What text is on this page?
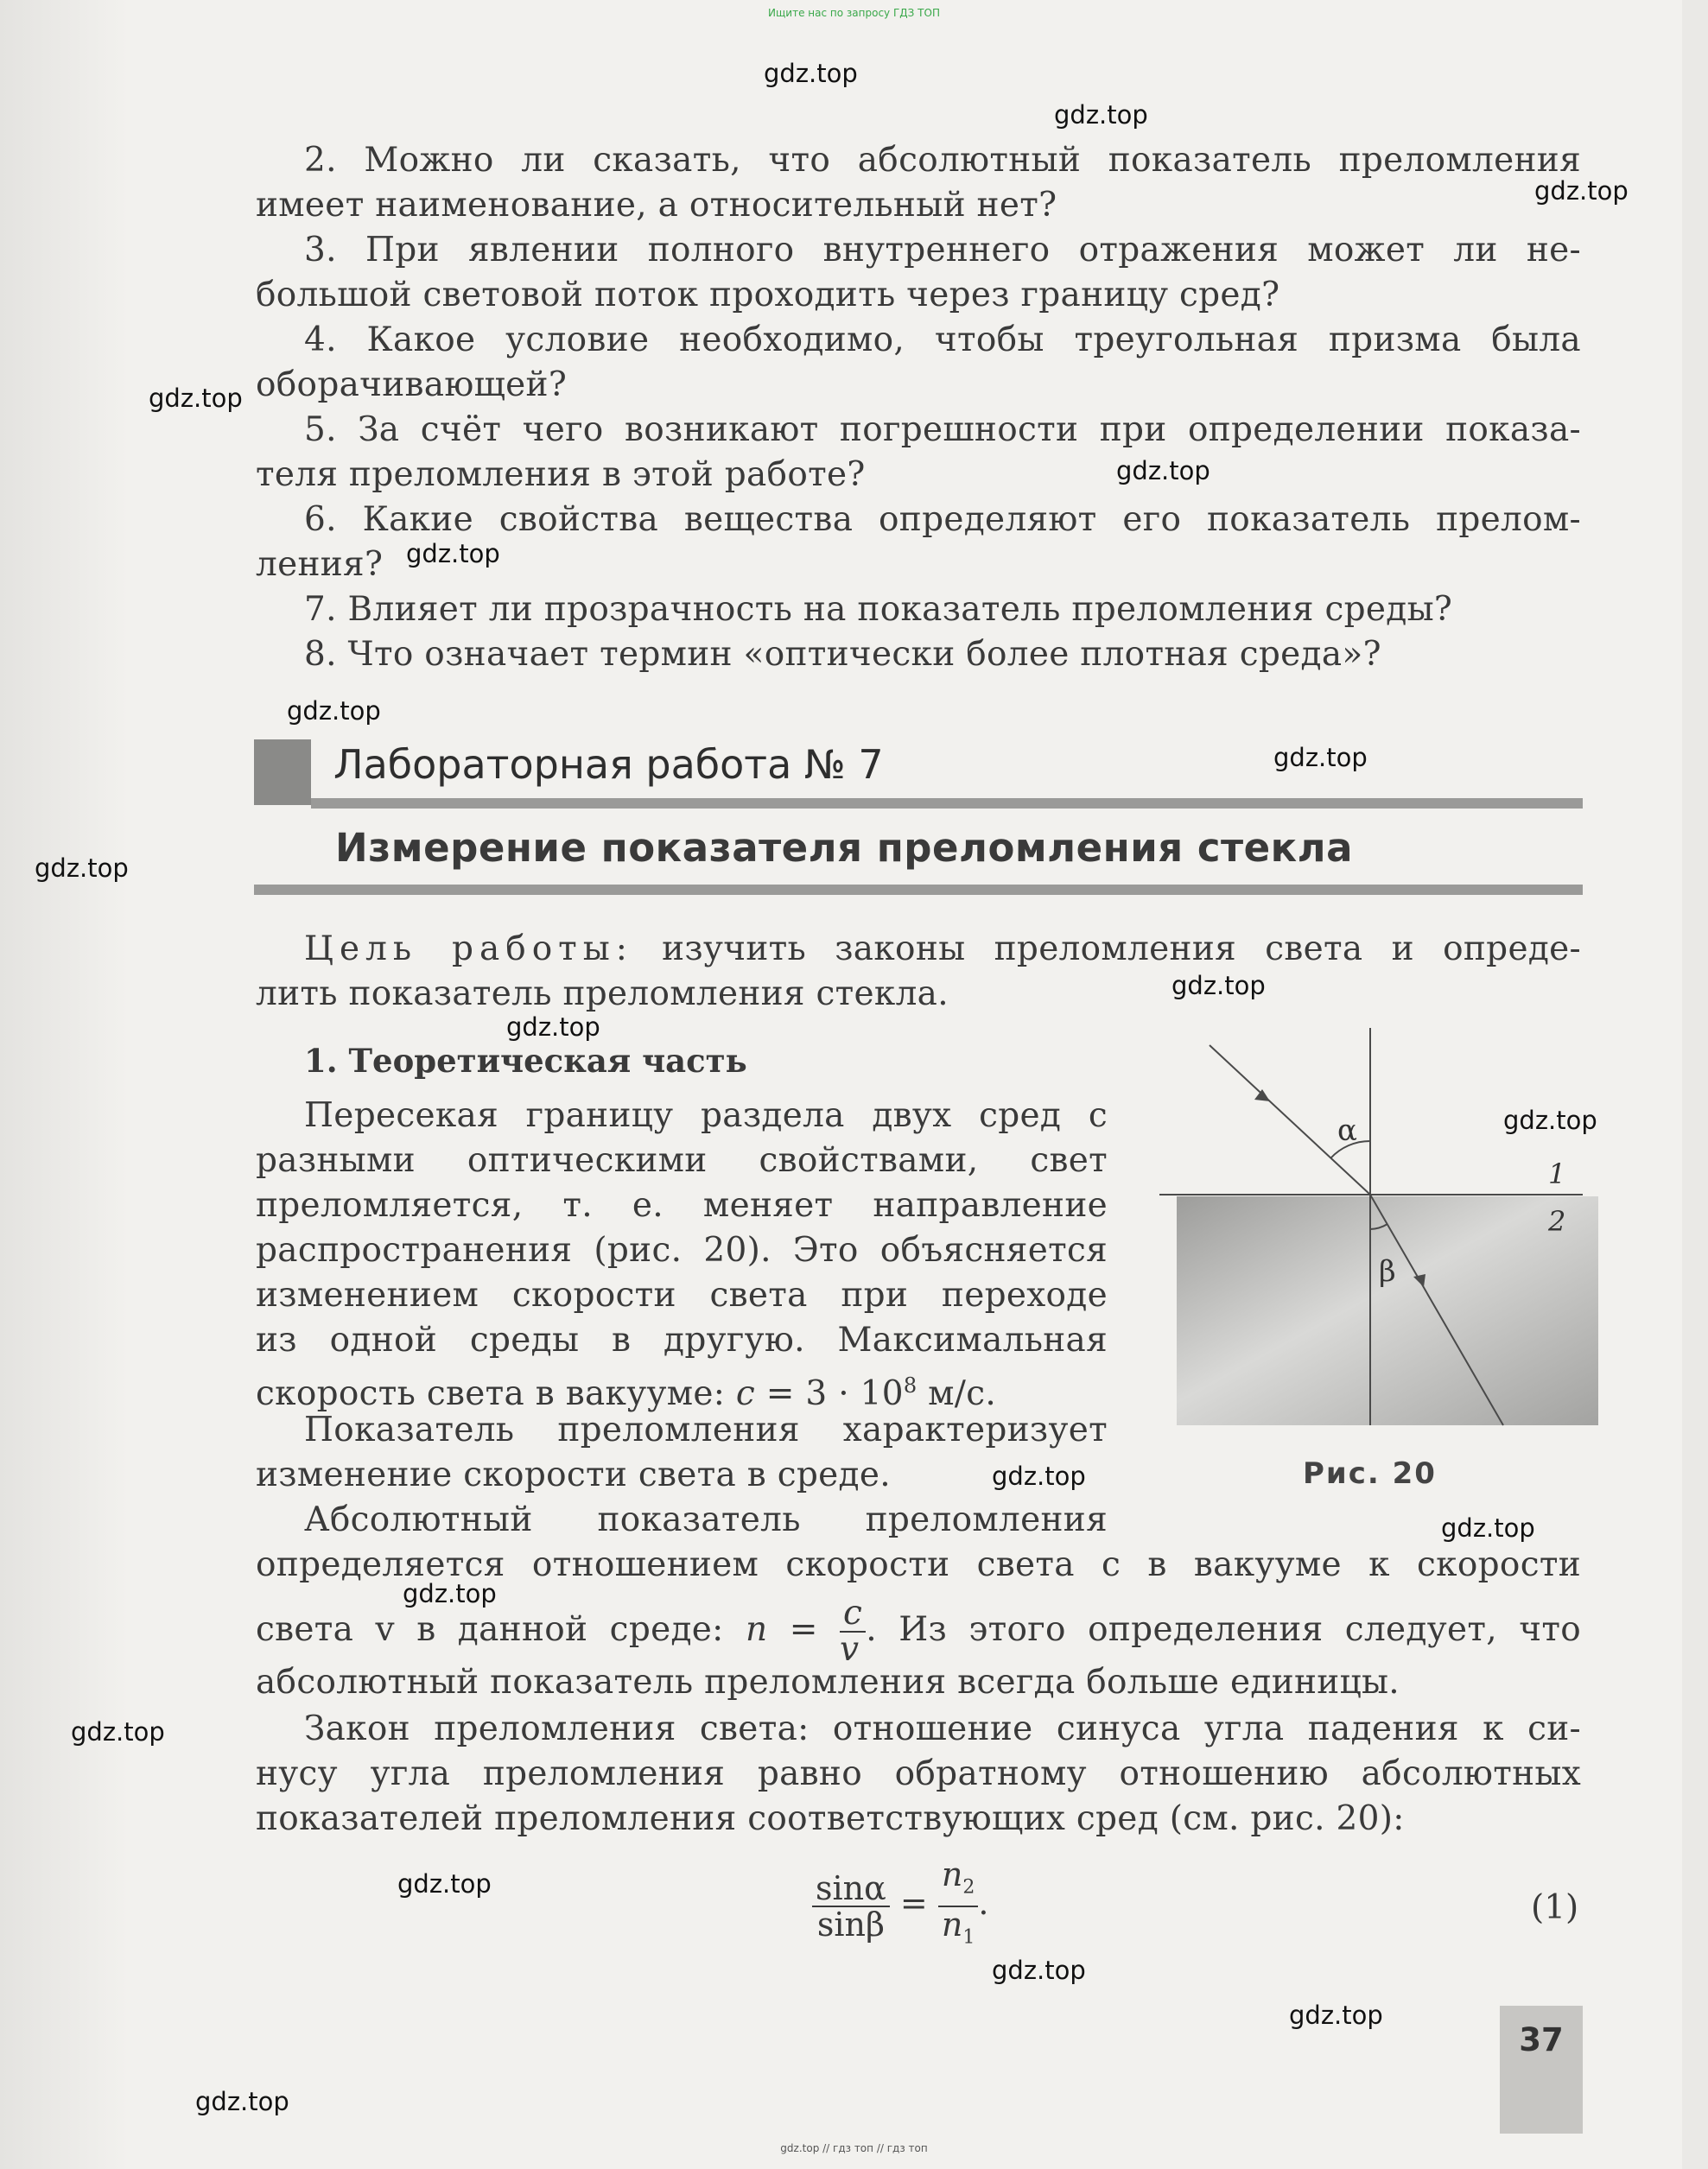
Ищите нас по запросу ГДЗ ТОП
2. Можно ли сказать, что абсолютный показатель преломления
имеет наименование, а относительный нет?
3. При явлении полного внутреннего отражения может ли не-
большой световой поток проходить через границу сред?
4. Какое условие необходимо, чтобы треугольная призма была
оборачивающей?
5. За счёт чего возникают погрешности при определении показа-
теля преломления в этой работе?
6. Какие свойства вещества определяют его показатель прелом-
ления?
7. Влияет ли прозрачность на показатель преломления среды?
8. Что означает термин «оптически более плотная среда»?
Лабораторная работа № 7
Измерение показателя преломления стекла
Цель работы: изучить законы преломления света и опреде-
лить показатель преломления стекла.
1. Теоретическая часть
Пересекая границу раздела двух сред с
разными оптическими свойствами, свет
преломляется, т. е. меняет направление
распространения (рис. 20). Это объясняется
изменением скорости света при переходе
из одной среды в другую. Максимальная
скорость света в вакууме: $c = 3 \cdot 10^8$ м/с.
Показатель преломления характеризует
изменение скорости света в среде.
Абсолютный показатель преломления
определяется отношением скорости света c в вакууме к скорости
света v в данной среде: $n = \frac{c}{v}$ . Из этого определения следует, что
абсолютный показатель преломления всегда больше единицы.
Закон преломления света: отношение синуса угла падения к си-
нусу угла преломления равно обратному отношению абсолютных
показателей преломления соответствующих сред (см. рис. 20):
$\frac{\sin\alpha}{\sin\beta} = \frac{n_2}{n_1}$ .	(1)
α
β
1
2
Рис. 20
37
gdz.top
gdz.top
gdz.top
gdz.top
gdz.top
gdz.top
gdz.top
gdz.top
gdz.top
gdz.top
gdz.top
gdz.top
gdz.top
gdz.top
gdz.top
gdz.top
gdz.top
gdz.top
gdz.top
gdz.top
gdz.top // гдз топ // гдз топ
